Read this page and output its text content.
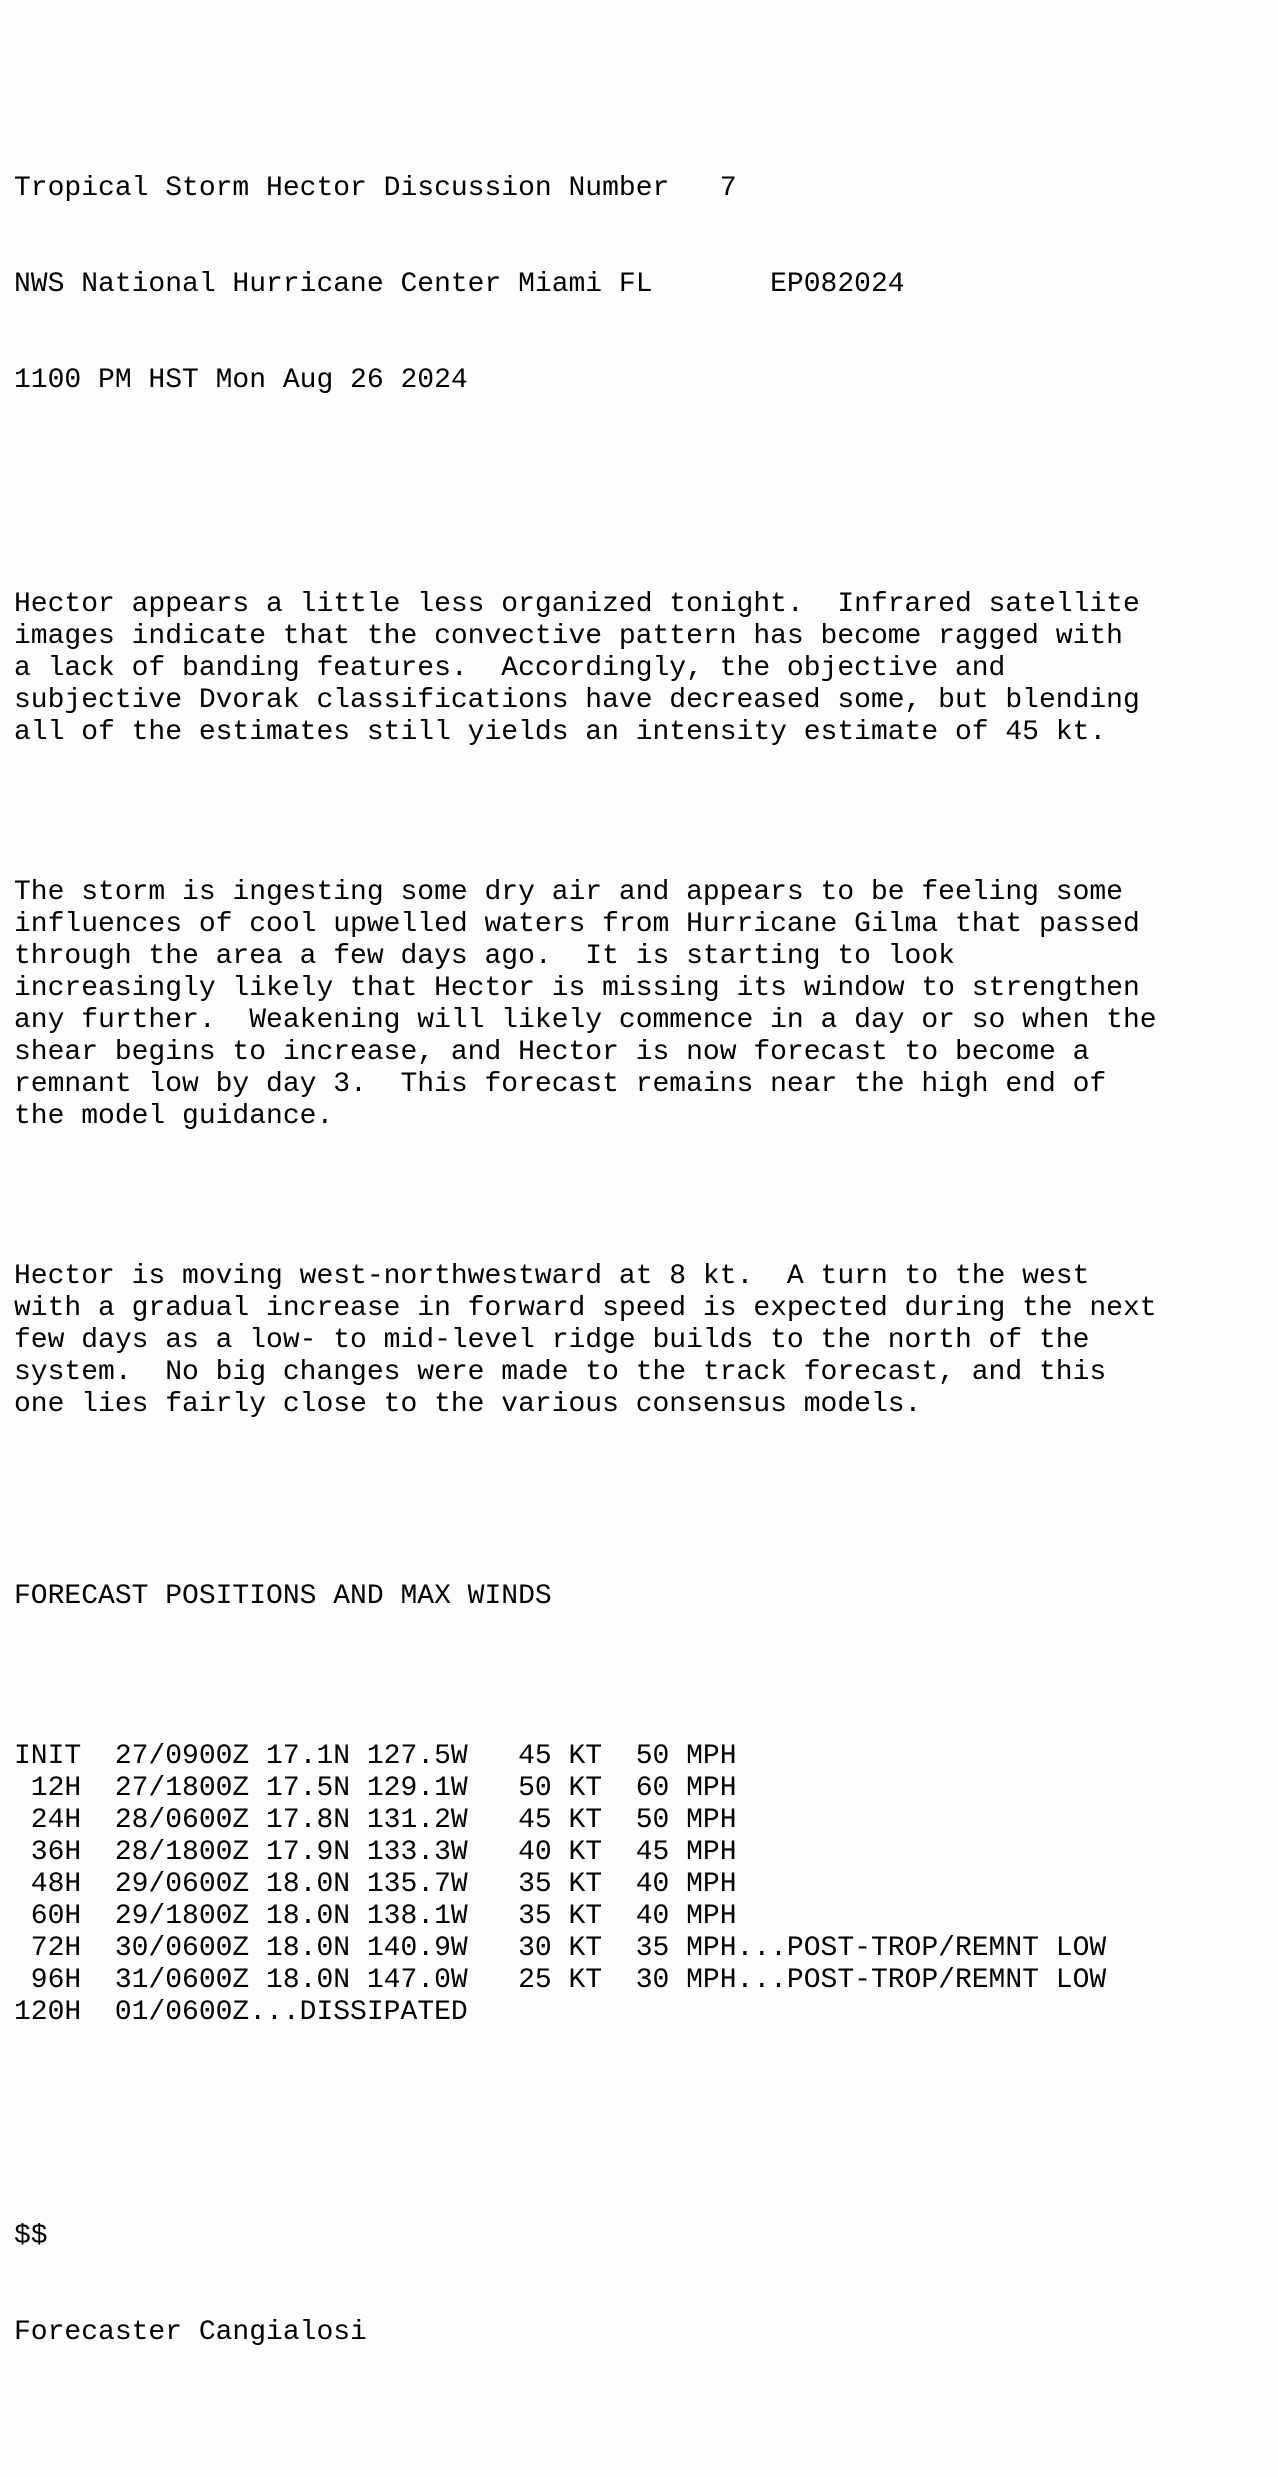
Tropical Storm Hector Discussion Number   7

NWS National Hurricane Center Miami FL       EP082024

1100 PM HST Mon Aug 26 2024

Hector appears a little less organized tonight.  Infrared satellite
images indicate that the convective pattern has become ragged with
a lack of banding features.  Accordingly, the objective and
subjective Dvorak classifications have decreased some, but blending
all of the estimates still yields an intensity estimate of 45 kt.

The storm is ingesting some dry air and appears to be feeling some
influences of cool upwelled waters from Hurricane Gilma that passed
through the area a few days ago.  It is starting to look
increasingly likely that Hector is missing its window to strengthen
any further.  Weakening will likely commence in a day or so when the
shear begins to increase, and Hector is now forecast to become a
remnant low by day 3.  This forecast remains near the high end of
the model guidance.

Hector is moving west-northwestward at 8 kt.  A turn to the west
with a gradual increase in forward speed is expected during the next
few days as a low- to mid-level ridge builds to the north of the
system.  No big changes were made to the track forecast, and this
one lies fairly close to the various consensus models.

FORECAST POSITIONS AND MAX WINDS

INIT  27/0900Z 17.1N 127.5W   45 KT  50 MPH
12H  27/1800Z 17.5N 129.1W   50 KT  60 MPH
24H  28/0600Z 17.8N 131.2W   45 KT  50 MPH
36H  28/1800Z 17.9N 133.3W   40 KT  45 MPH
48H  29/0600Z 18.0N 135.7W   35 KT  40 MPH
60H  29/1800Z 18.0N 138.1W   35 KT  40 MPH
72H  30/0600Z 18.0N 140.9W   30 KT  35 MPH...POST-TROP/REMNT LOW
96H  31/0600Z 18.0N 147.0W   25 KT  30 MPH...POST-TROP/REMNT LOW
120H  01/0600Z...DISSIPATED

$$

Forecaster Cangialosi
